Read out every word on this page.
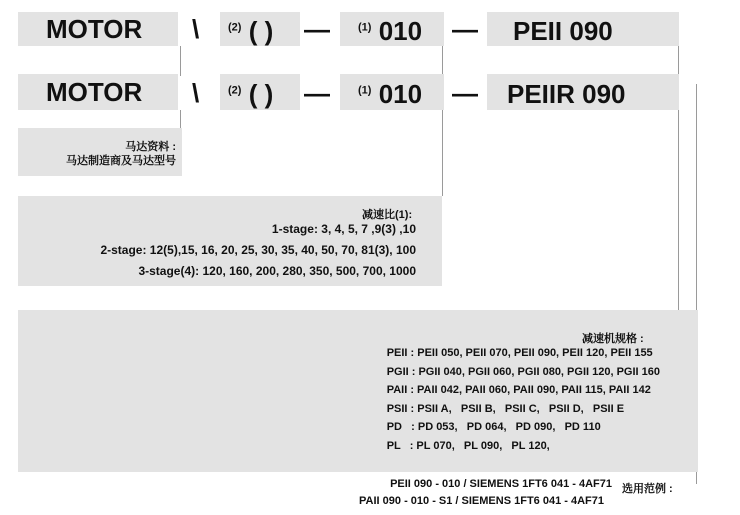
MOTOR \	$^{(2)}$ ( ) —	$^{(1)}$ 010 — PEII 090
MOTOR \	$^{(2)}$ ( ) —	$^{(1)}$ 010 — PEIIR 090
马达资料 :
马达制造商及马达型号
减速比(1):
1-stage: 3, 4, 5, 7 ,9(3) ,10
2-stage: 12(5),15, 16, 20, 25, 30, 35, 40, 50, 70, 81(3), 100
3-stage(4): 120, 160, 200, 280, 350, 500, 700, 1000
减速机规格 :
PEII : PEII 050, PEII 070, PEII 090, PEII 120, PEII 155
PGII : PGII 040, PGII 060, PGII 080, PGII 120, PGII 160
PAII : PAII 042, PAII 060, PAII 090, PAII 115, PAII 142
PSII : PSII A,   PSII B,   PSII C,   PSII D,   PSII E
PD   : PD 053,   PD 064,   PD 090,   PD 110
PL   : PL 070,   PL 090,   PL 120,
选用范例 :
PEII 090 - 010 / SIEMENS 1FT6 041 - 4AF71
PAII 090 - 010 - S1 / SIEMENS 1FT6 041 - 4AF71
